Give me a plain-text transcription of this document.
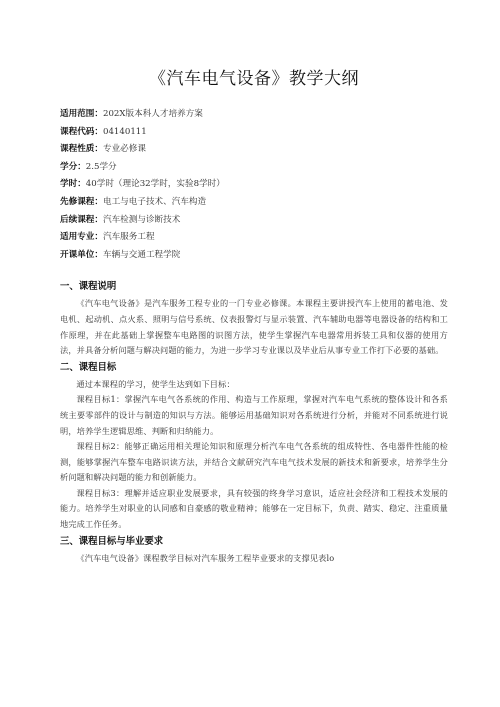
《汽车电气设备》教学大纲
适用范围：202X版本科人才培养方案
课程代码：04140111
课程性质：专业必修课
学分：2.5学分
学时：40学时（理论32学时，实验8学时）
先修课程：电工与电子技术、汽车构造
后续课程：汽车检测与诊断技术
适用专业：汽车服务工程
开课单位：车辆与交通工程学院
一、课程说明

《汽车电气设备》是汽车服务工程专业的一门专业必修课。本课程主要讲授汽车上使用的蓄电池、发电机、起动机、点火系、照明与信号系统、仪表报警灯与显示装置、汽车辅助电器等电器设备的结构和工作原理，并在此基础上掌握整车电路图的识图方法，使学生掌握汽车电器常用拆装工具和仪器的使用方法，并具备分析问题与解决问题的能力，为进一步学习专业课以及毕业后从事专业工作打下必要的基础。

二、课程目标

通过本课程的学习，使学生达到如下目标：

课程目标1：掌握汽车电气各系统的作用、构造与工作原理，掌握对汽车电气系统的整体设计和各系统主要零部件的设计与制造的知识与方法。能够运用基础知识对各系统进行分析，并能对不同系统进行说明，培养学生逻辑思维、判断和归纳能力。

课程目标2：能够正确运用相关理论知识和原理分析汽车电气各系统的组成特性、各电器件性能的检测，能够掌握汽车整车电路识读方法，并结合文献研究汽车电气技术发展的新技术和新要求，培养学生分析问题和解决问题的能力和创新能力。

课程目标3：理解并适应职业发展要求，具有较强的终身学习意识，适应社会经济和工程技术发展的能力。培养学生对职业的认同感和自豪感的敬业精神；能够在一定目标下，负责、踏实、稳定、注重质量地完成工作任务。

三、课程目标与毕业要求

《汽车电气设备》课程教学目标对汽车服务工程毕业要求的支撑见表lo
